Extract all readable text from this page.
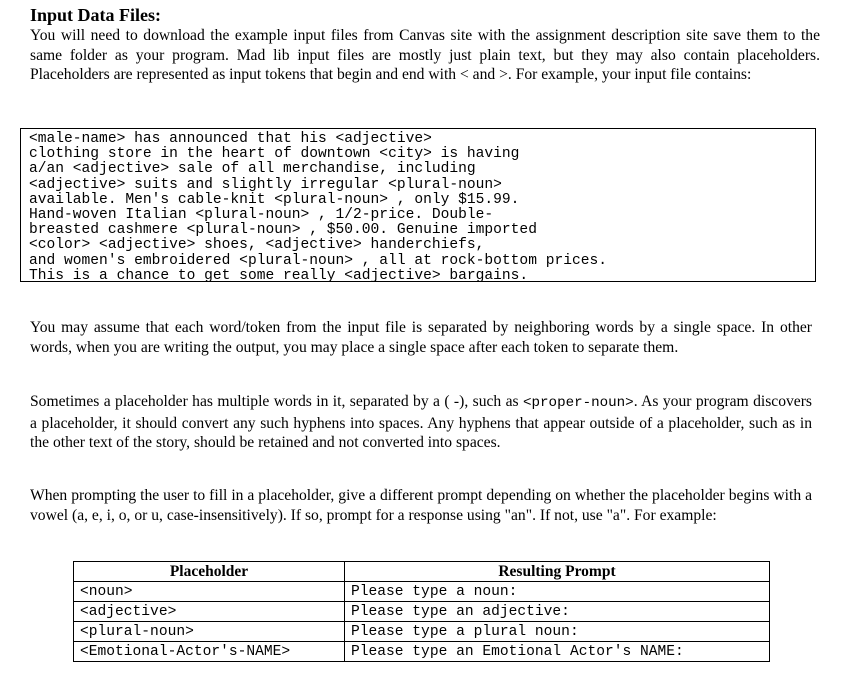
Input Data Files:

You will need to download the example input files from Canvas site with the assignment description site save them to the same folder as your program. Mad lib input files are mostly just plain text, but they may also contain placeholders. Placeholders are represented as input tokens that begin and end with < and >. For example, your input file contains:

<male-name> has announced that his <adjective>
clothing store in the heart of downtown <city> is having
a/an <adjective> sale of all merchandise, including
<adjective> suits and slightly irregular <plural-noun>
available. Men's cable-knit <plural-noun> , only $15.99.
Hand-woven Italian <plural-noun> , 1/2-price. Double-
breasted cashmere <plural-noun> , $50.00. Genuine imported
<color> <adjective> shoes, <adjective> handerchiefs,
and women's embroidered <plural-noun> , all at rock-bottom prices.
This is a chance to get some really <adjective> bargains.

You may assume that each word/token from the input file is separated by neighboring words by a single space. In other words, when you are writing the output, you may place a single space after each token to separate them.

Sometimes a placeholder has multiple words in it, separated by a ( -), such as <proper-noun>. As your program discovers a placeholder, it should convert any such hyphens into spaces. Any hyphens that appear outside of a placeholder, such as in the other text of the story, should be retained and not converted into spaces.

When prompting the user to fill in a placeholder, give a different prompt depending on whether the placeholder begins with a vowel (a, e, i, o, or u, case-insensitively). If so, prompt for a response using "an". If not, use "a". For example:

Placeholder	Resulting Prompt
<noun>	Please type a noun:
<adjective>	Please type an adjective:
<plural-noun>	Please type a plural noun:
<Emotional-Actor's-NAME>	Please type an Emotional Actor's NAME:
